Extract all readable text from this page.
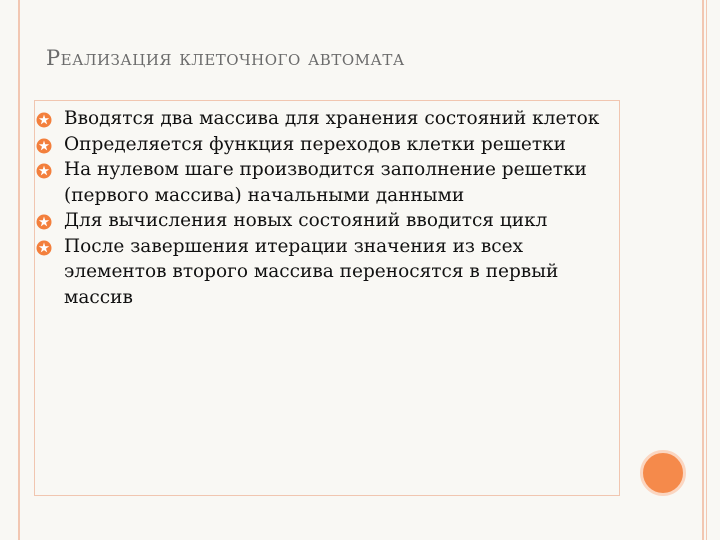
Реализация клеточного автомата
Вводятся два массива для хранения состояний клеток
Определяется функция переходов клетки решетки
На нулевом шаге производится заполнение решетки (первого массива) начальными данными
Для вычисления новых состояний вводится цикл
После завершения итерации значения из всех элементов второго массива переносятся в первый массив
